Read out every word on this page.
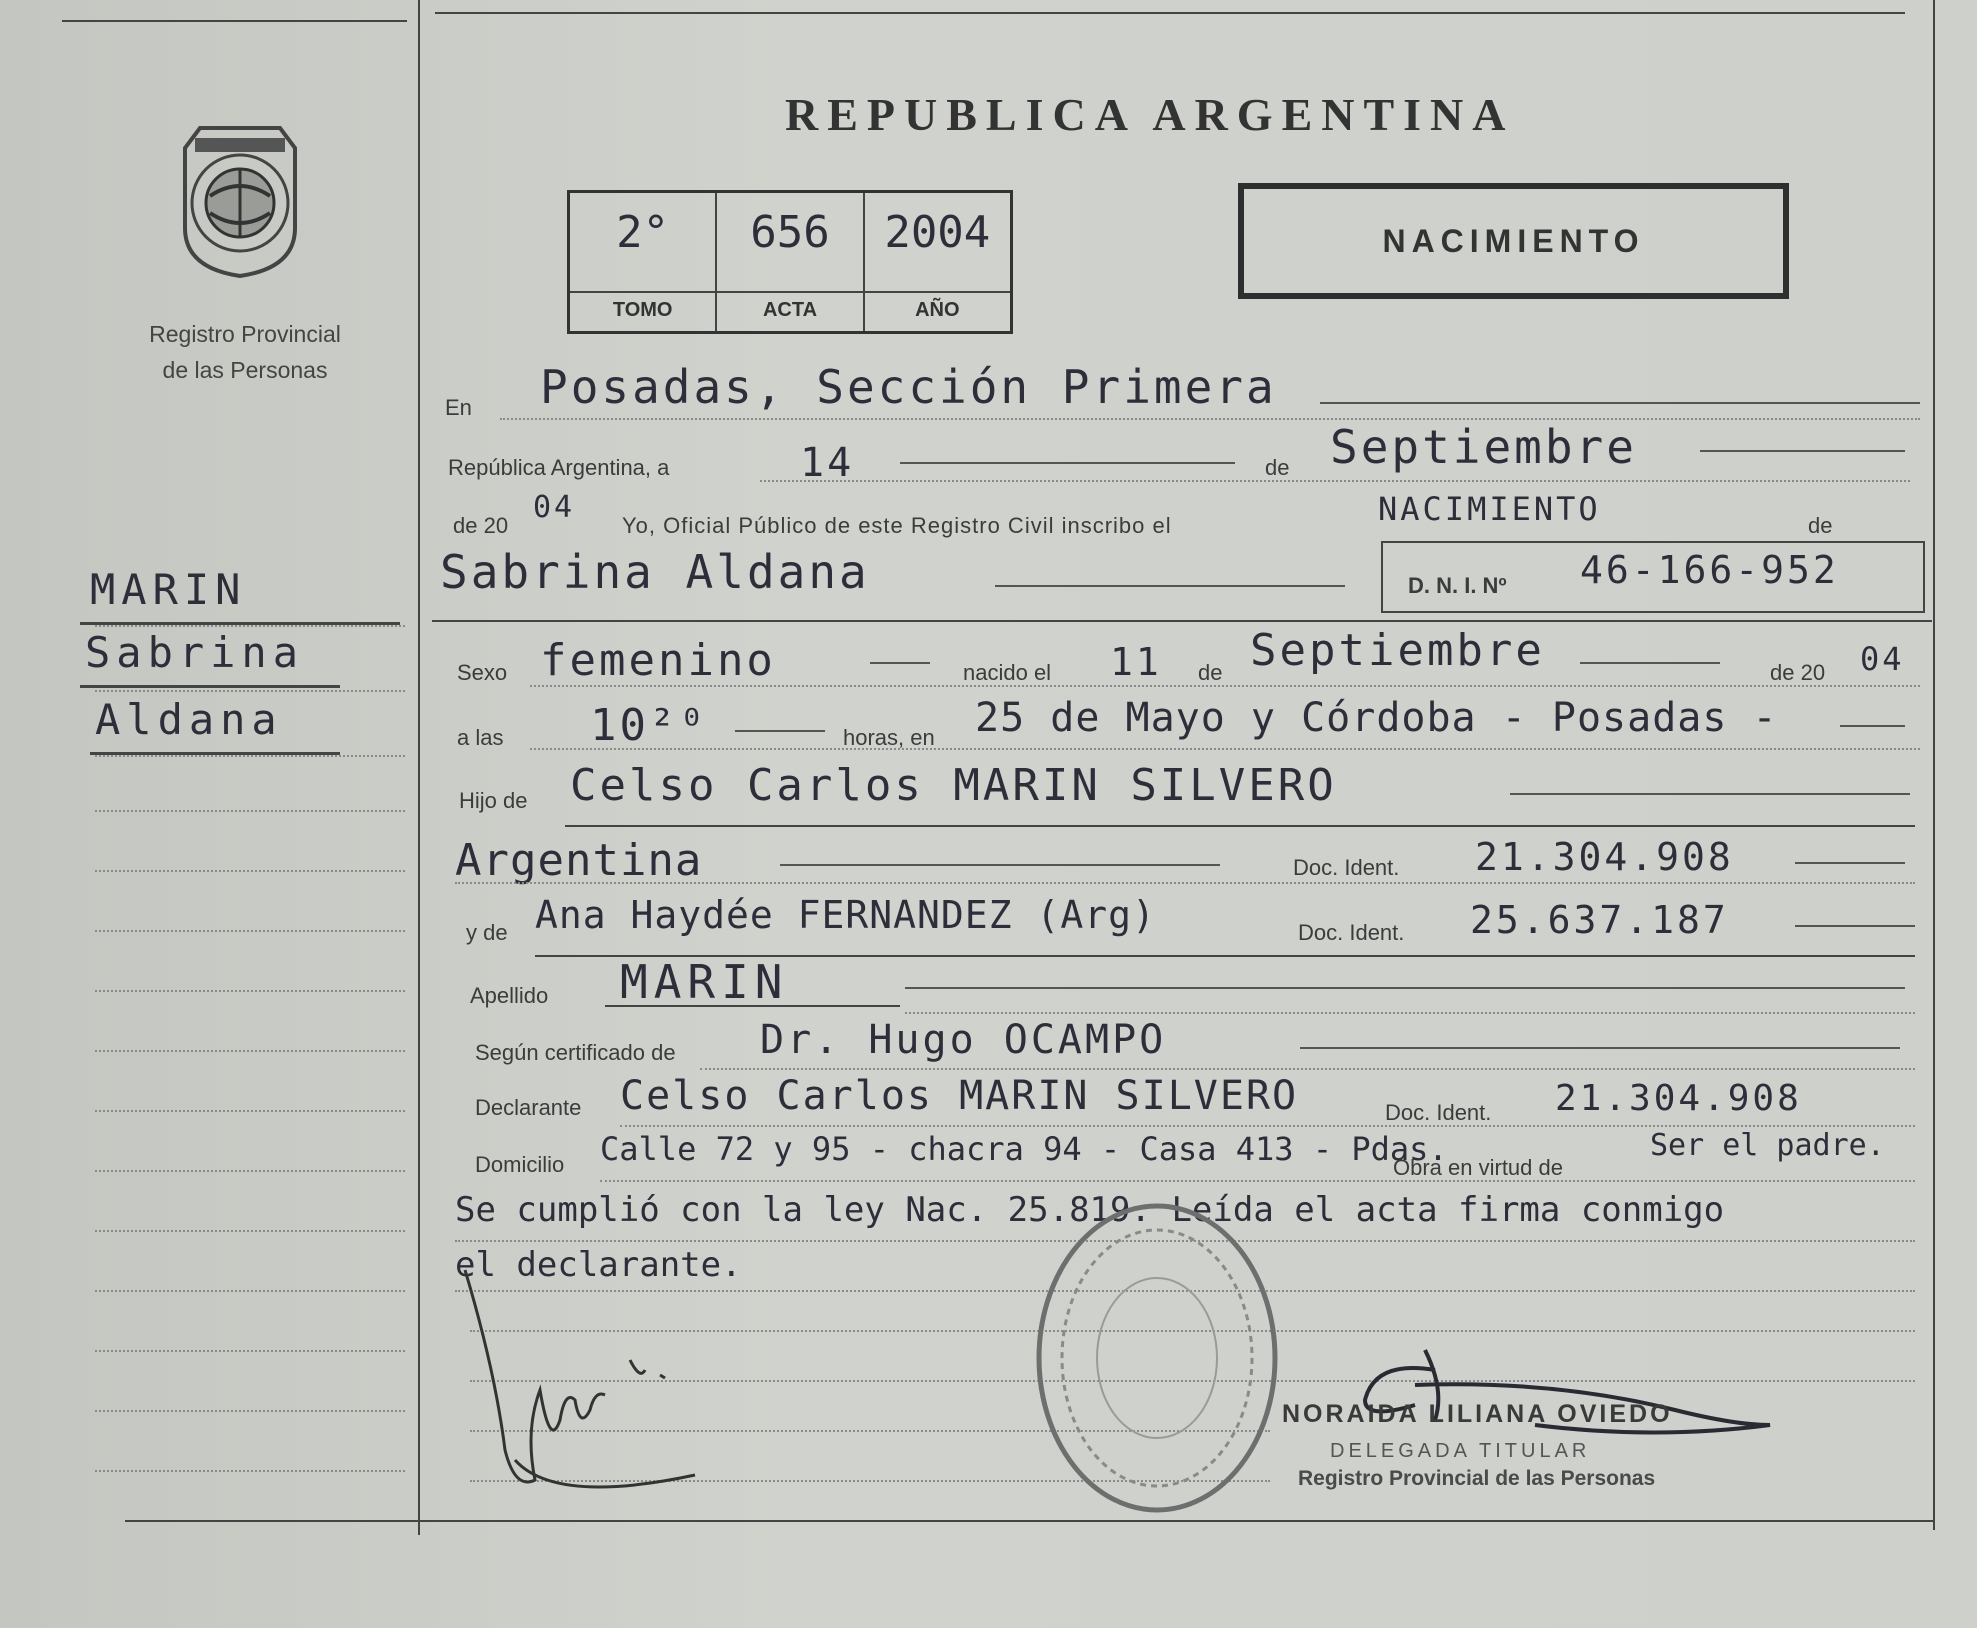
Registro Provincial
de las Personas
MARIN
Sabrina
Aldana
REPUBLICA ARGENTINA
2°	656	2004
TOMO	ACTA	AÑO
NACIMIENTO
En Posadas, Sección Primera
República Argentina, a	14	de Septiembre
de 20
04
Yo, Oficial Público de este Registro Civil inscribo el	NACIMIENTO	de
Sabrina Aldana	D. N. I. Nº 46-166-952
Sexo femenino	nacido el 11 de Septiembre	de 20 04
a las 10²⁰	horas, en 25 de Mayo y Córdoba - Posadas -
Hijo de Celso Carlos MARIN SILVERO
Argentina	Doc. Ident. 21.304.908
y de Ana Haydée FERNANDEZ (Arg)	Doc. Ident. 25.637.187
Apellido MARIN
Según certificado de Dr. Hugo OCAMPO
Declarante Celso Carlos MARIN SILVERO	Doc. Ident. 21.304.908
Domicilio Calle 72 y 95 - chacra 94 - Casa 413 - Pdas.
Obra en virtud de
Ser el padre.
Se cumplió con la ley Nac. 25.819. Leída el acta firma conmigo
el declarante.
NORAIDA LILIANA OVIEDO
DELEGADA TITULAR
Registro Provincial de las Personas
